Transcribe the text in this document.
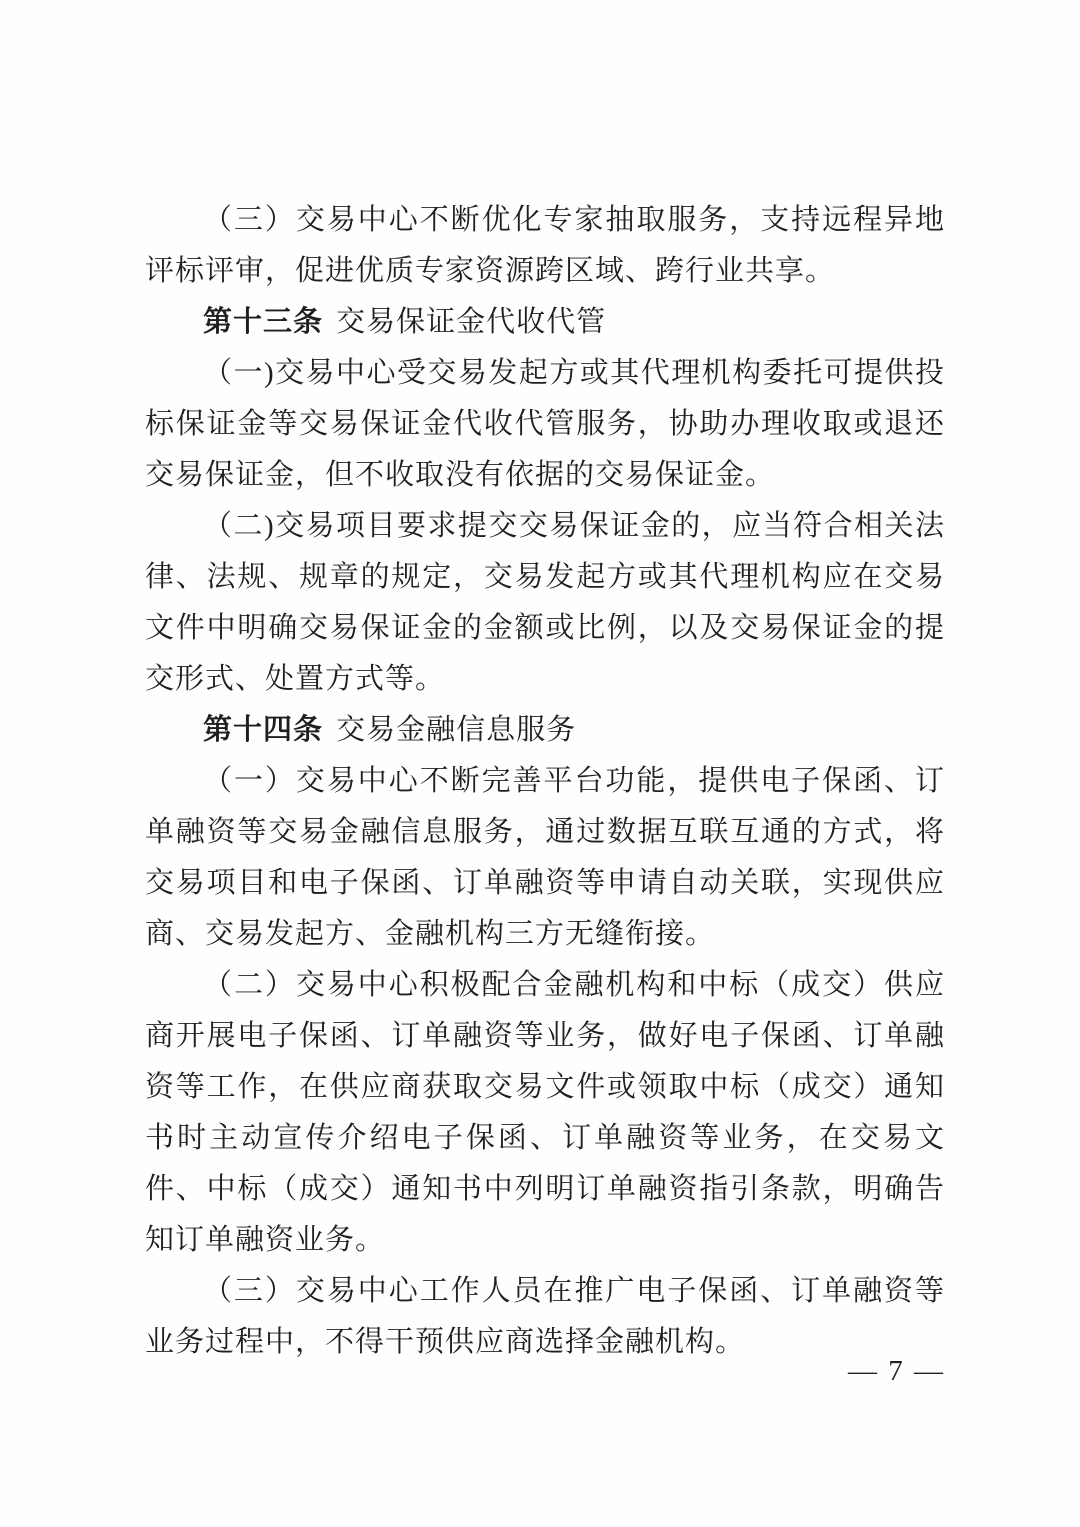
（三）交易中心不断优化专家抽取服务，支持远程异地评标评审，促进优质专家资源跨区域、跨行业共享。

第十三条 交易保证金代收代管

（一)交易中心受交易发起方或其代理机构委托可提供投标保证金等交易保证金代收代管服务，协助办理收取或退还交易保证金，但不收取没有依据的交易保证金。

（二)交易项目要求提交交易保证金的，应当符合相关法律、法规、规章的规定，交易发起方或其代理机构应在交易文件中明确交易保证金的金额或比例，以及交易保证金的提交形式、处置方式等。

第十四条 交易金融信息服务

（一）交易中心不断完善平台功能，提供电子保函、订单融资等交易金融信息服务，通过数据互联互通的方式，将交易项目和电子保函、订单融资等申请自动关联，实现供应商、交易发起方、金融机构三方无缝衔接。

（二）交易中心积极配合金融机构和中标（成交）供应商开展电子保函、订单融资等业务，做好电子保函、订单融资等工作，在供应商获取交易文件或领取中标（成交）通知书时主动宣传介绍电子保函、订单融资等业务，在交易文件、中标（成交）通知书中列明订单融资指引条款，明确告知订单融资业务。

（三）交易中心工作人员在推广电子保函、订单融资等业务过程中，不得干预供应商选择金融机构。

— 7 —
